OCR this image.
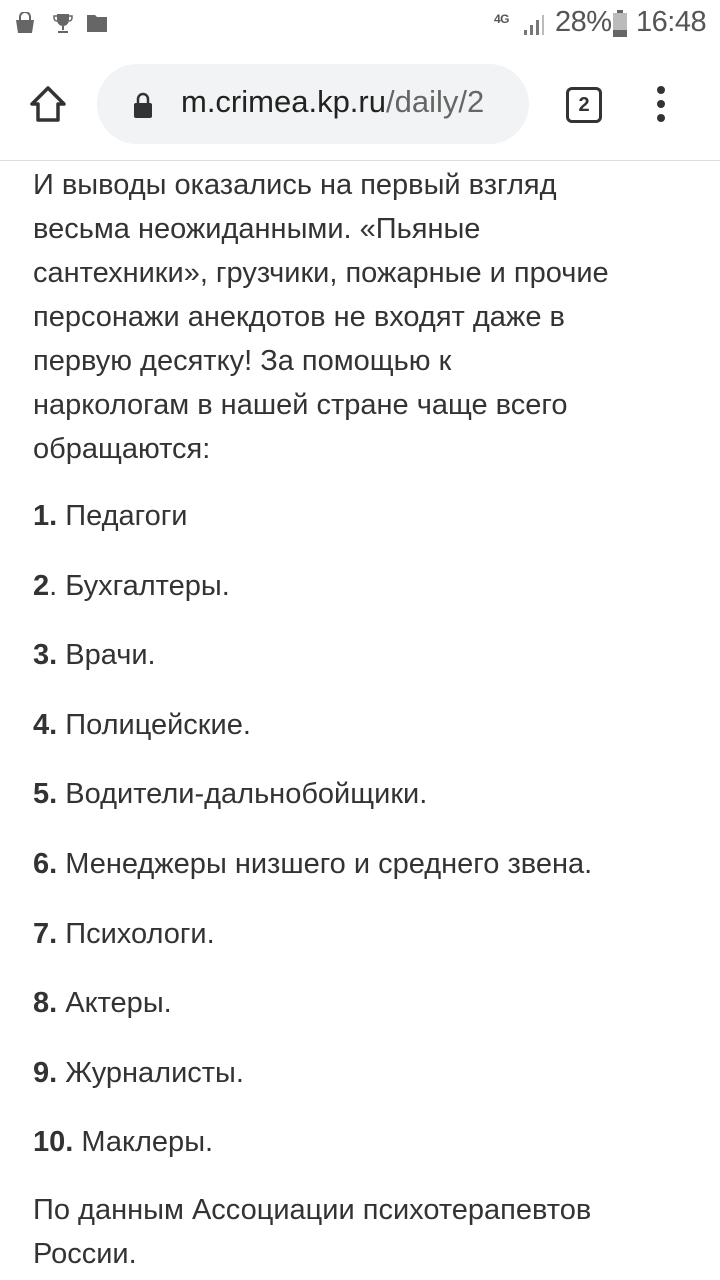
4G 28% 16:48
m.crimea.kp.ru/daily/2	2
И выводы оказались на первый взгляд
весьма неожиданными. «Пьяные
сантехники», грузчики, пожарные и прочие
персонажи анекдотов не входят даже в
первую десятку! За помощью к
наркологам в нашей стране чаще всего
обращаются:
1. Педагоги
2. Бухгалтеры.
3. Врачи.
4. Полицейские.
5. Водители-дальнобойщики.
6. Менеджеры низшего и среднего звена.
7. Психологи.
8. Актеры.
9. Журналисты.
10. Маклеры.
По данным Ассоциации психотерапевтов
России.
